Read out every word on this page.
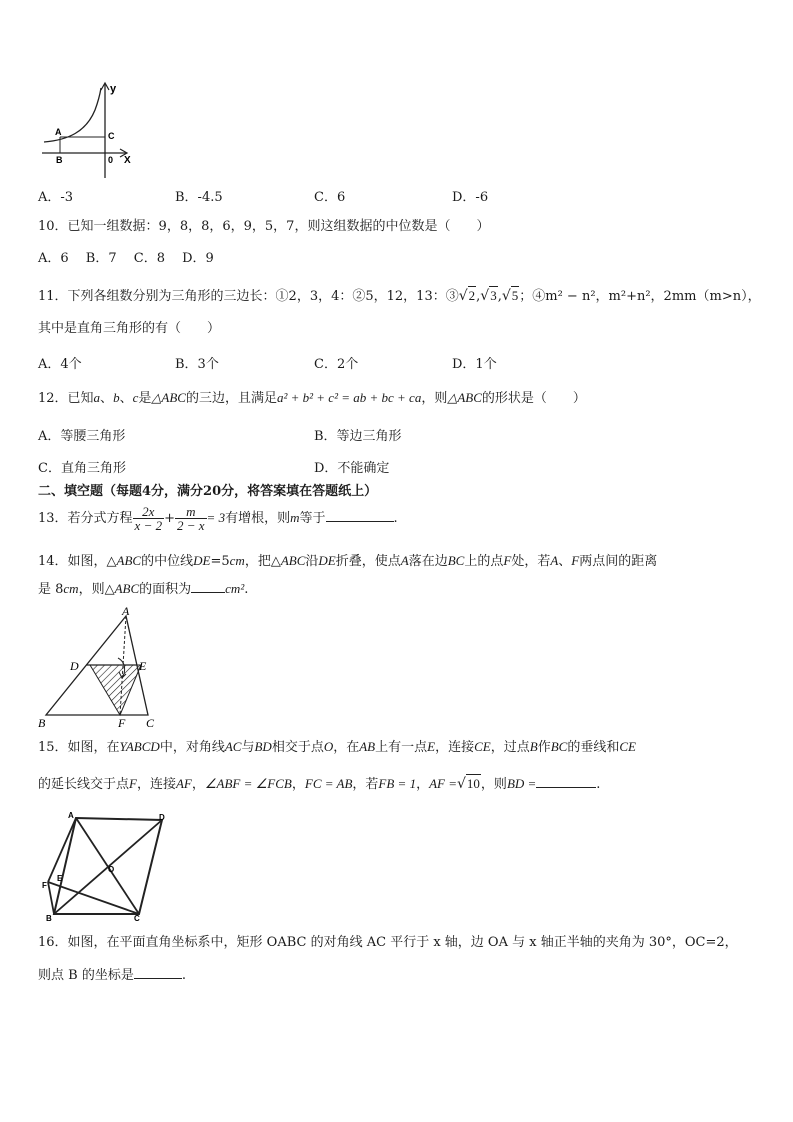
y
A	C
B	0 X
A．-3	B．-4.5	C．6	D．-6
10．已知一组数据：9，8，8，6，9，5，7，则这组数据的中位数是（　　）
A．6　 B．7　 C．8　 D．9
11．下列各组数分别为三角形的三边长：①2，3，4：②5，12，13：③√2,√3,√5；④m² − n²，m²+n²，2mm（m>n），
其中是直角三角形的有（　　）
A．4个	B．3个	C．2个	D．1个
12．已知a、b、c是△ABC的三边，且满足a² + b² + c² = ab + bc + ca，则△ABC的形状是（　　）
A．等腰三角形	B．等边三角形
C．直角三角形	D．不能确定
二、填空题（每题4分，满分20分，将答案填在答题纸上）
13．若分式方程 $\frac{2x}{x - 2} + \frac{m}{2 - x} = 3$有增根，则m等于	.
14．如图，△ABC的中位线DE=5cm，把△ABC沿DE折叠，使点A落在边BC上的点F处，若A、F两点间的距离
是 8cm，则△ABC的面积为	cm².
A
D	E
B	F C
15．如图，在YABCD中，对角线AC与BD相交于点O，在AB上有一点E，连接CE，过点B作BC的垂线和CE
的延长线交于点F，连接AF，∠ABF = ∠FCB，FC = AB，若FB = 1，AF =√10，则BD =	.
A	D
O
E
F
B	C
16．如图，在平面直角坐标系中，矩形 OABC 的对角线 AC 平行于 x 轴，边 OA 与 x 轴正半轴的夹角为 30°，OC=2，
则点 B 的坐标是	.
